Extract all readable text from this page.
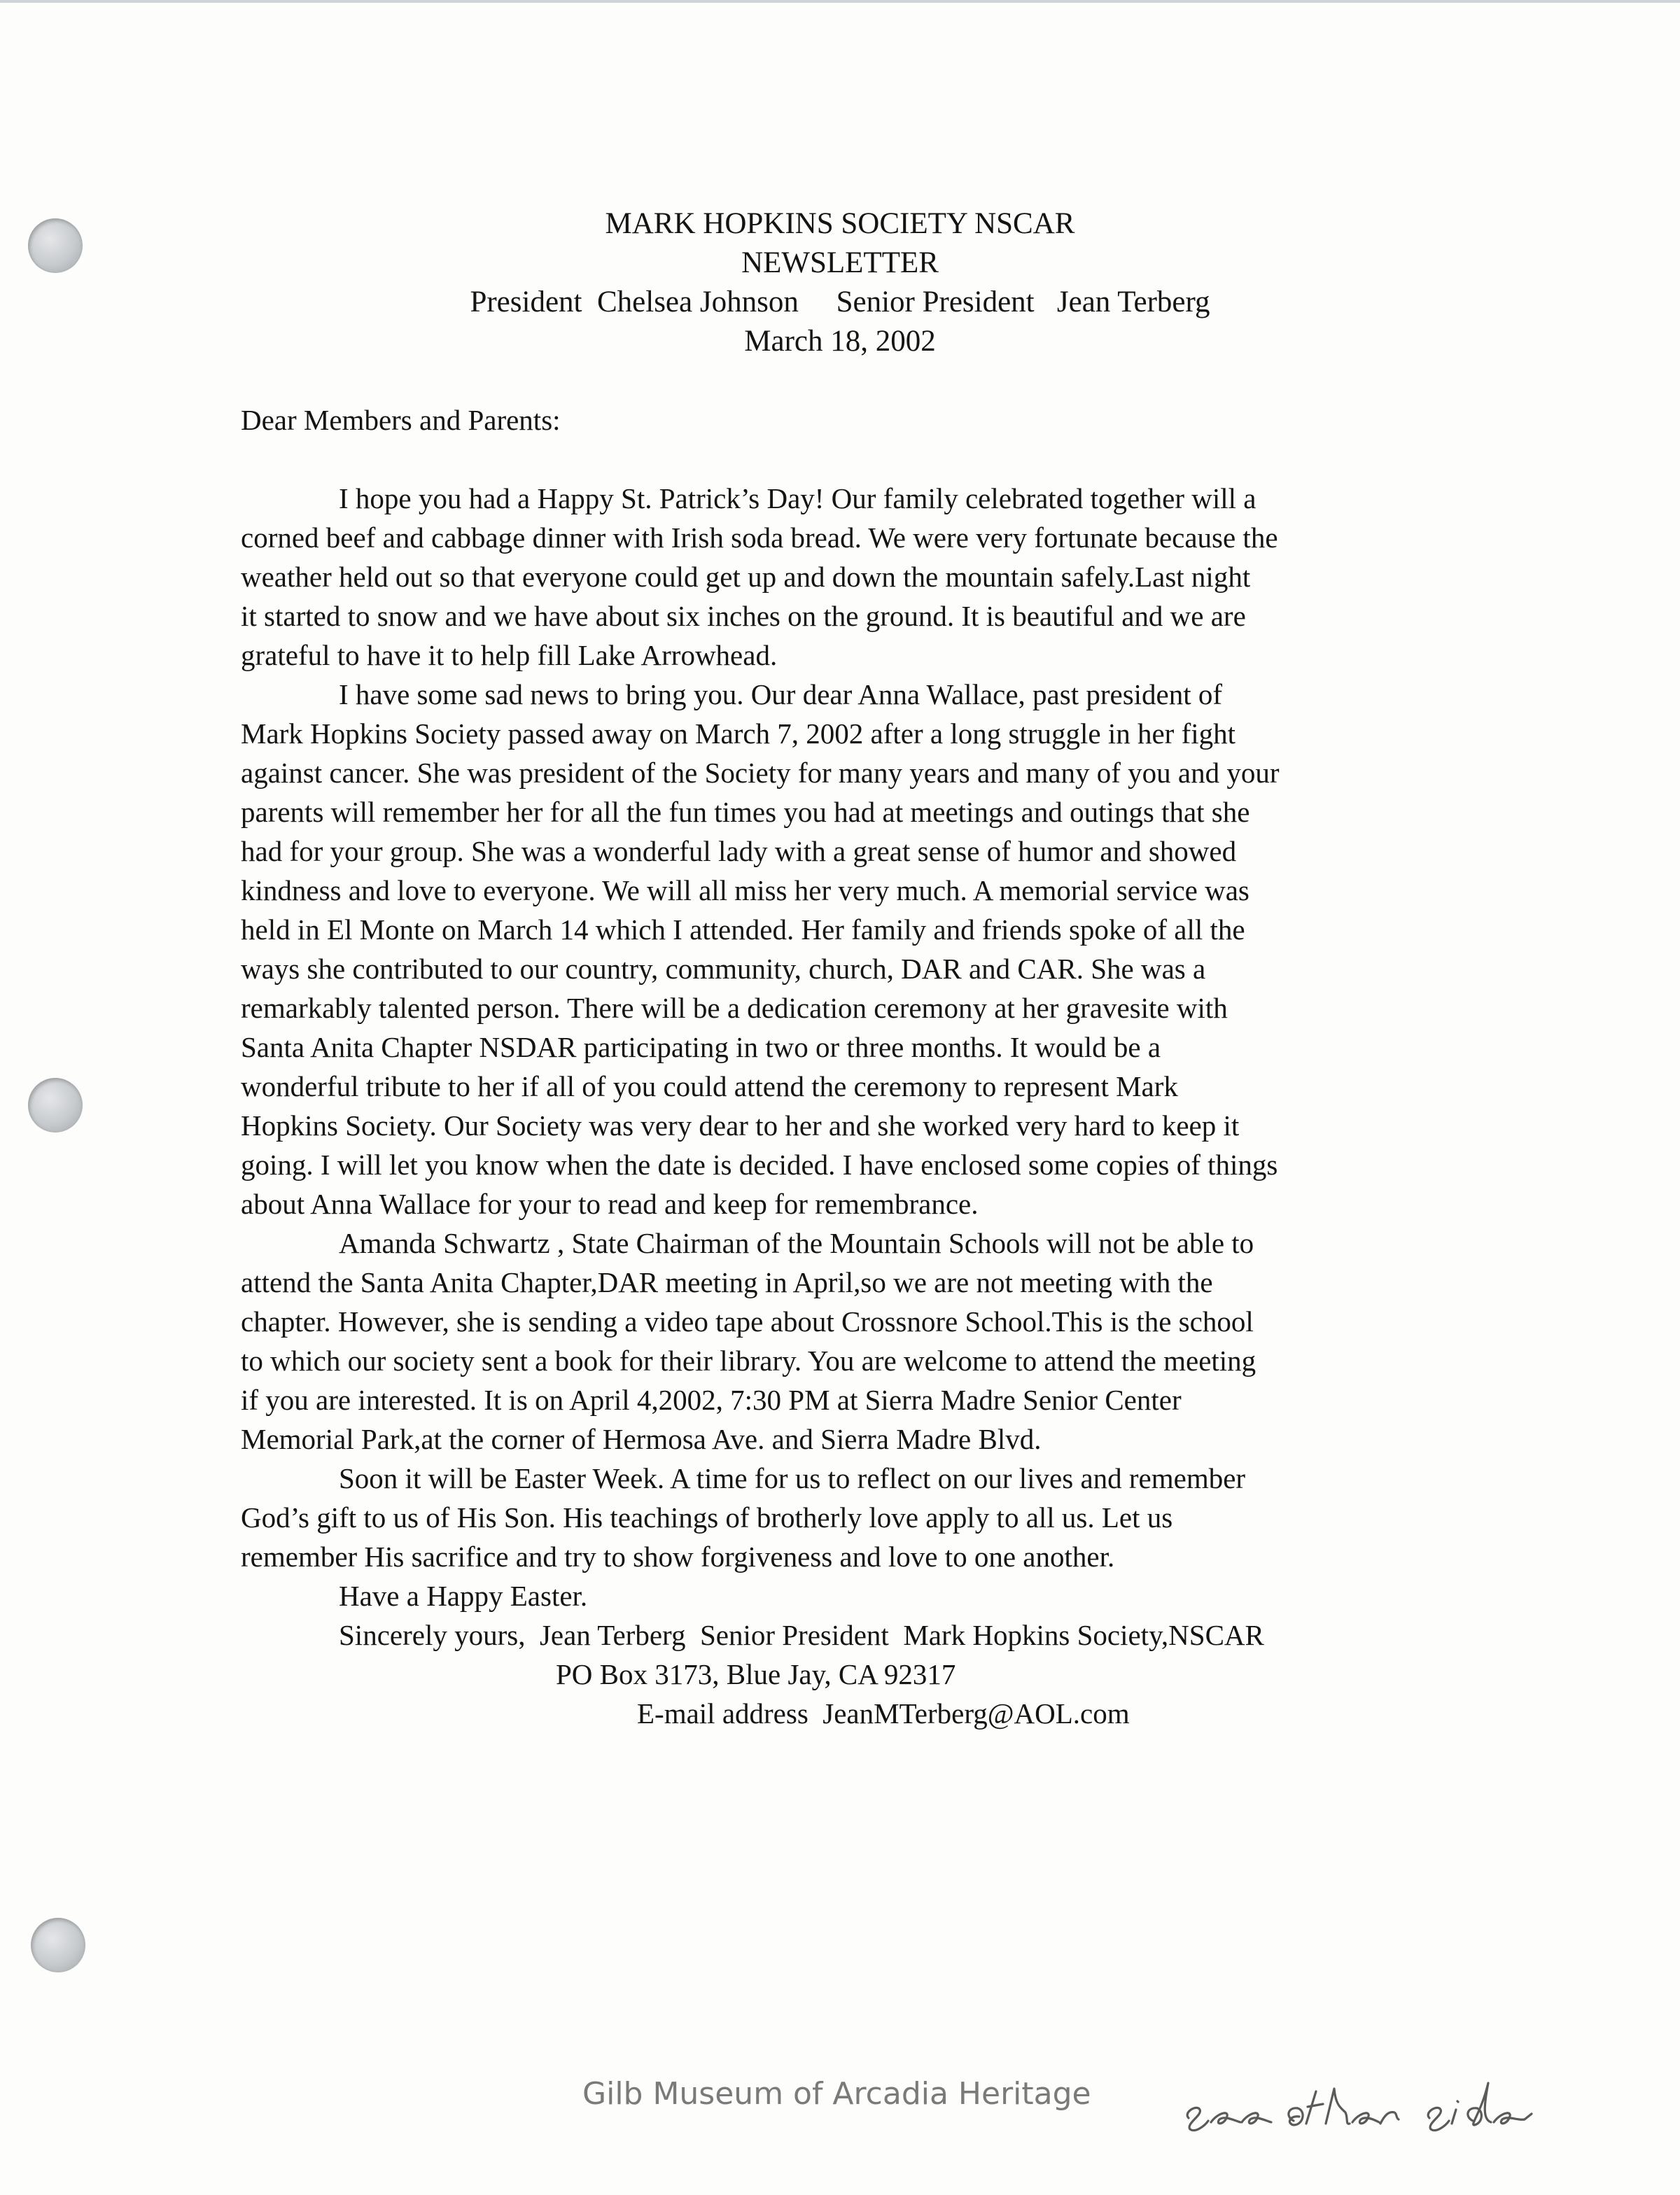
MARK HOPKINS SOCIETY NSCAR
NEWSLETTER
President  Chelsea Johnson     Senior President   Jean Terberg
March 18, 2002
Dear Members and Parents:
I hope you had a Happy St. Patrick’s Day! Our family celebrated together will a
corned beef and cabbage dinner with Irish soda bread. We were very fortunate because the
weather held out so that everyone could get up and down the mountain safely.Last night
it started to snow and we have about six inches on the ground. It is beautiful and we are
grateful to have it to help fill Lake Arrowhead.
I have some sad news to bring you. Our dear Anna Wallace, past president of
Mark Hopkins Society passed away on March 7, 2002 after a long struggle in her fight
against cancer. She was president of the Society for many years and many of you and your
parents will remember her for all the fun times you had at meetings and outings that she
had for your group. She was a wonderful lady with a great sense of humor and showed
kindness and love to everyone. We will all miss her very much. A memorial service was
held in El Monte on March 14 which I attended. Her family and friends spoke of all the
ways she contributed to our country, community, church, DAR and CAR. She was a
remarkably talented person. There will be a dedication ceremony at her gravesite with
Santa Anita Chapter NSDAR participating in two or three months. It would be a
wonderful tribute to her if all of you could attend the ceremony to represent Mark
Hopkins Society. Our Society was very dear to her and she worked very hard to keep it
going. I will let you know when the date is decided. I have enclosed some copies of things
about Anna Wallace for your to read and keep for remembrance.
Amanda Schwartz , State Chairman of the Mountain Schools will not be able to
attend the Santa Anita Chapter,DAR meeting in April,so we are not meeting with the
chapter. However, she is sending a video tape about Crossnore School.This is the school
to which our society sent a book for their library. You are welcome to attend the meeting
if you are interested. It is on April 4,2002, 7:30 PM at Sierra Madre Senior Center
Memorial Park,at the corner of Hermosa Ave. and Sierra Madre Blvd.
Soon it will be Easter Week. A time for us to reflect on our lives and remember
God’s gift to us of His Son. His teachings of brotherly love apply to all us. Let us
remember His sacrifice and try to show forgiveness and love to one another.
Have a Happy Easter.
Sincerely yours,  Jean Terberg  Senior President  Mark Hopkins Society,NSCAR
PO Box 3173, Blue Jay, CA 92317
E-mail address  JeanMTerberg@AOL.com
Gilb Museum of Arcadia Heritage
